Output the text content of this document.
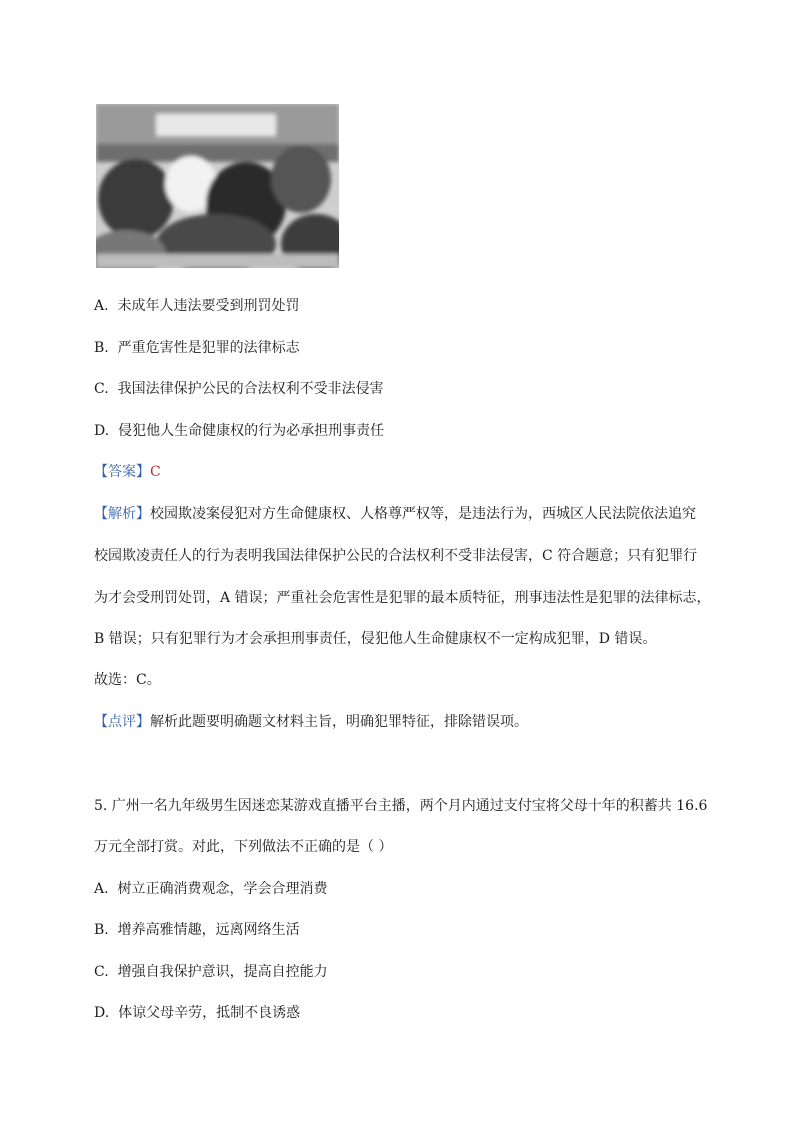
A. 未成年人违法要受到刑罚处罚
B. 严重危害性是犯罪的法律标志
C. 我国法律保护公民的合法权利不受非法侵害
D. 侵犯他人生命健康权的行为必承担刑事责任
【答案】C
【解析】校园欺凌案侵犯对方生命健康权、人格尊严权等，是违法行为，西城区人民法院依法追究
校园欺凌责任人的行为表明我国法律保护公民的合法权利不受非法侵害，C 符合题意；只有犯罪行
为才会受刑罚处罚，A 错误；严重社会危害性是犯罪的最本质特征，刑事违法性是犯罪的法律标志，
B 错误；只有犯罪行为才会承担刑事责任，侵犯他人生命健康权不一定构成犯罪，D 错误。
故选：C。
【点评】解析此题要明确题文材料主旨，明确犯罪特征，排除错误项。
5. 广州一名九年级男生因迷恋某游戏直播平台主播，两个月内通过支付宝将父母十年的积蓄共 16.6
万元全部打赏。对此，下列做法不正确的是（ ）
A. 树立正确消费观念，学会合理消费
B. 增养高雅情趣，远离网络生活
C. 增强自我保护意识，提高自控能力
D. 体谅父母辛劳，抵制不良诱惑
